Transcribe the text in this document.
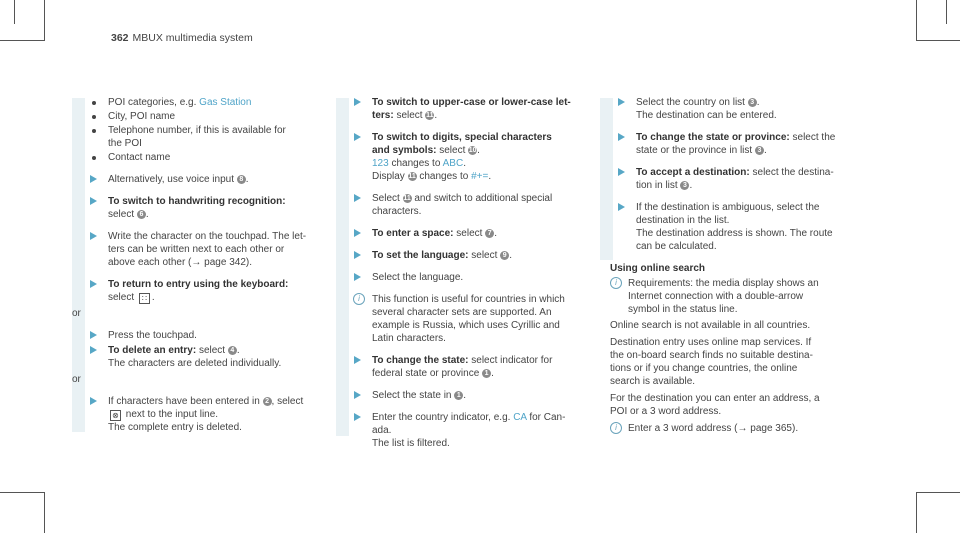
362 MBUX multimedia system
POI categories, e.g. Gas Station
City, POI name
Telephone number, if this is available for
the POI
Contact name
Alternatively, use voice input 8 .
To switch to handwriting recognition:
select 6 .
Write the character on the touchpad. The let-
ters can be written next to each other or
above each other (→ page 342).
To return to entry using the keyboard:
select ∷ .
or
Press the touchpad.
To delete an entry: select 4 .
The characters are deleted individually.
or
If characters have been entered in 2 , select
⊗ next to the input line.
The complete entry is deleted.
To switch to upper-case or lower-case let-
ters: select 11.
To switch to digits, special characters
and symbols: select 10.
123 changes to ABC.
Display 11 changes to #+=.
Select 11 and switch to additional special
characters.
To enter a space: select 7 .
To set the language: select 9 .
Select the language.
i	This function is useful for countries in which
several character sets are supported. An
example is Russia, which uses Cyrillic and
Latin characters.
To change the state: select indicator for
federal state or province 1 .
Select the state in 1 .
Enter the country indicator, e.g. CA for Can-
ada.
The list is filtered.
Select the country on list 3 .
The destination can be entered.
To change the state or province: select the
state or the province in list 3 .
To accept a destination: select the destina-
tion in list 3 .
If the destination is ambiguous, select the
destination in the list.
The destination address is shown. The route
can be calculated.
Using online search
i	Requirements: the media display shows an
Internet connection with a double-arrow
symbol in the status line.
Online search is not available in all countries.
Destination entry uses online map services. If
the on-board search finds no suitable destina-
tions or if you change countries, the online
search is available.
For the destination you can enter an address, a
POI or a 3 word address.
i	Enter a 3 word address (→ page 365).
